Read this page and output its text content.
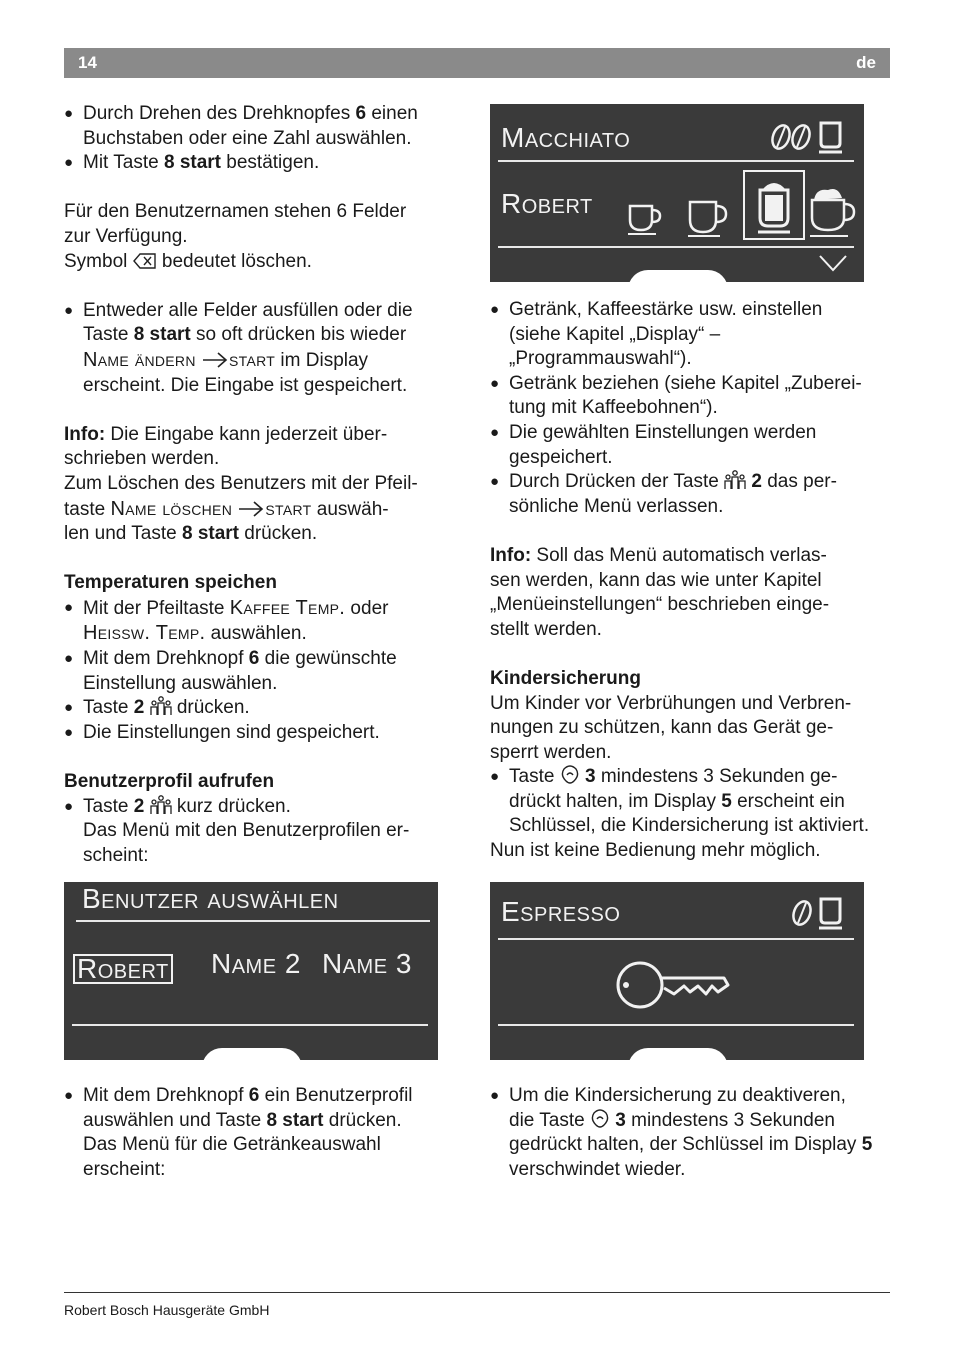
14	de
● Durch Drehen des Drehknopfes 6 einen
Buchstaben oder eine Zahl auswählen.
● Mit Taste 8 start bestätigen.

Für den Benutzernamen stehen 6 Felder
zur Verfügung.
Symbol  bedeutet löschen.

● Entweder alle Felder ausfüllen oder die
Taste 8 start so oft drücken bis wieder
Name ändern start im Display
erscheint. Die Eingabe ist gespeichert.

Info: Die Eingabe kann jederzeit über-
schrieben werden.
Zum Löschen des Benutzers mit der Pfeil-
taste Name löschen start auswäh-
len und Taste 8 start drücken.

Temperaturen speichen

● Mit der Pfeiltaste Kaffee Temp. oder
Heissw. Temp. auswählen.
● Mit dem Drehknopf 6 die gewünschte
Einstellung auswählen.
● Taste 2  drücken.
● Die Einstellungen sind gespeichert.

Benutzerprofil aufrufen

● Taste 2  kurz drücken.
Das Menü mit den Benutzerprofilen er-
scheint:
Benutzer auswählen
Robert Name 2 Name 3
● Mit dem Drehknopf 6 ein Benutzerprofil
auswählen und Taste 8 start drücken.
Das Menü für die Getränkeauswahl
erscheint:
Macchiato
Robert
● Getränk, Kaffeestärke usw. einstellen
(siehe Kapitel „Display“ –
„Programmauswahl“).
● Getränk beziehen (siehe Kapitel „Zuberei-
tung mit Kaffeebohnen“).
● Die gewählten Einstellungen werden
gespeichert.
● Durch Drücken der Taste  2 das per-
sönliche Menü verlassen.

Info: Soll das Menü automatisch verlas-
sen werden, kann das wie unter Kapitel
„Menüeinstellungen“ beschrieben einge-
stellt werden.

Kindersicherung

Um Kinder vor Verbrühungen und Verbren-
nungen zu schützen, kann das Gerät ge-
sperrt werden.

● Taste  3 mindestens 3 Sekunden ge-
drückt halten, im Display 5 erscheint ein
Schlüssel, die Kindersicherung ist aktiviert.

Nun ist keine Bedienung mehr möglich.

Espresso
● Um die Kindersicherung zu deaktiveren,
die Taste  3 mindestens 3 Sekunden
gedrückt halten, der Schlüssel im Display 5
verschwindet wieder.
Robert Bosch Hausgeräte GmbH
